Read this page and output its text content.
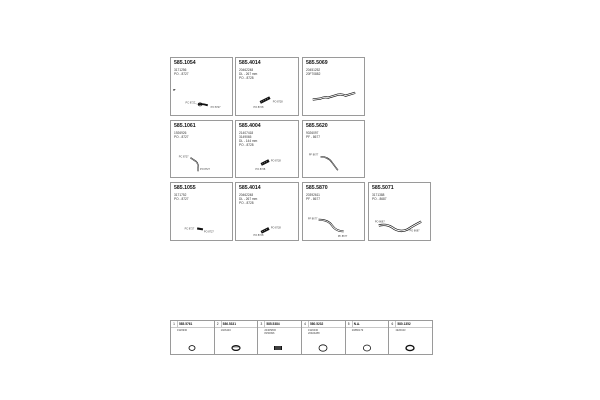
585.1054
3171256
PO - 8727
PC 8727
PO 8727
585.4014
20462248
DL - 267 mm
PO - 8728
PO 8728
PO 8728
585.5069
20451252
20F70882
585.1061
1926926
PO - 8727
PC 8727
PO 8727
585.4004
21407418
3149065
DL - 144 mm
PO - 8728
PO 8728
PO 8728
585.5620
9026097
PF - 8677
PF 8677
585.1055
3171752
PO - 8727
PC 8727
PO 8727
585.4014
20462248
DL - 267 mm
PO - 8728
PO 8728
PO 8728
585.5870
20392611
PF - 8677
PF 8677
PF 8677
585.5071
3171388
PO - 8687
PO 8687
PO 8687
1 585.5761
1926930
2 586.5331
1926446
3 585.5384
20405806
8150996
4 580.5232
1926430
20924288
5 N.A.
20880179
6 580.1352
1926043
